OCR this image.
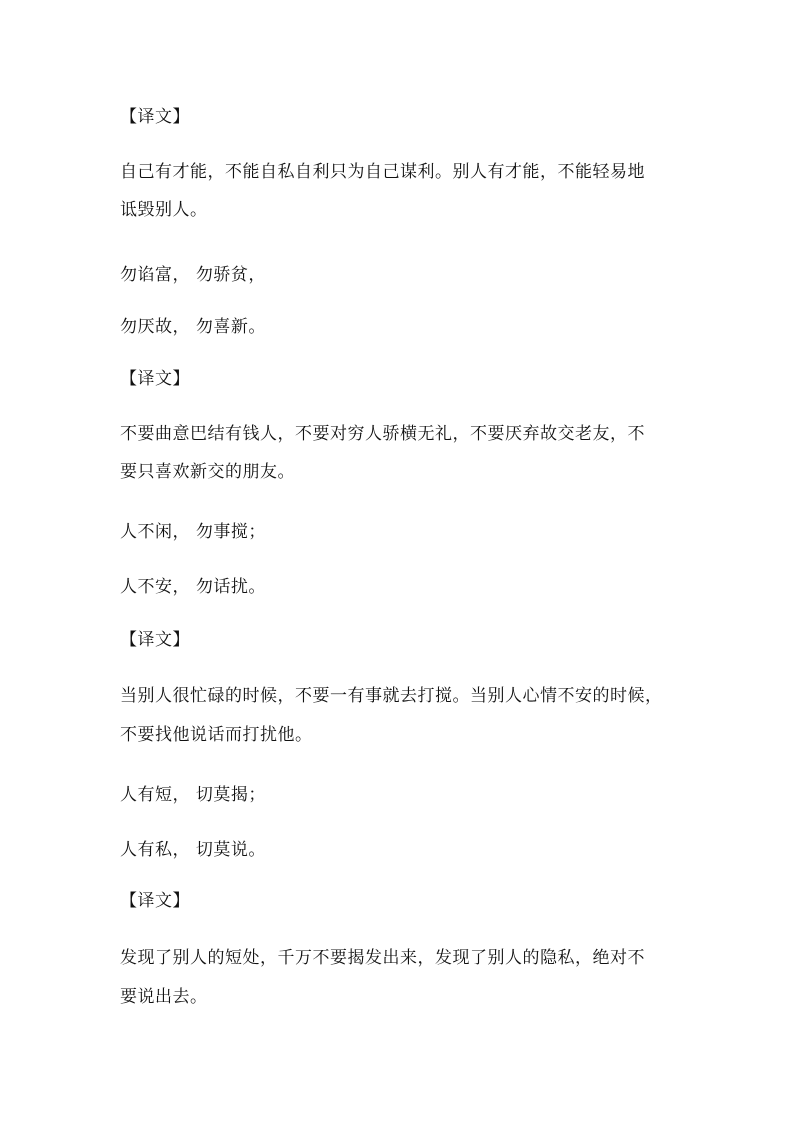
【译文】
自己有才能，不能自私自利只为自己谋利。别人有才能，不能轻易地
诋毁别人。
勿谄富， 勿骄贫，
勿厌故， 勿喜新。
【译文】
不要曲意巴结有钱人，不要对穷人骄横无礼，不要厌弃故交老友，不
要只喜欢新交的朋友。
人不闲， 勿事搅；
人不安， 勿话扰。
【译文】
当别人很忙碌的时候，不要一有事就去打搅。当别人心情不安的时候，
不要找他说话而打扰他。
人有短， 切莫揭；
人有私， 切莫说。
【译文】
发现了别人的短处，千万不要揭发出来，发现了别人的隐私，绝对不
要说出去。
